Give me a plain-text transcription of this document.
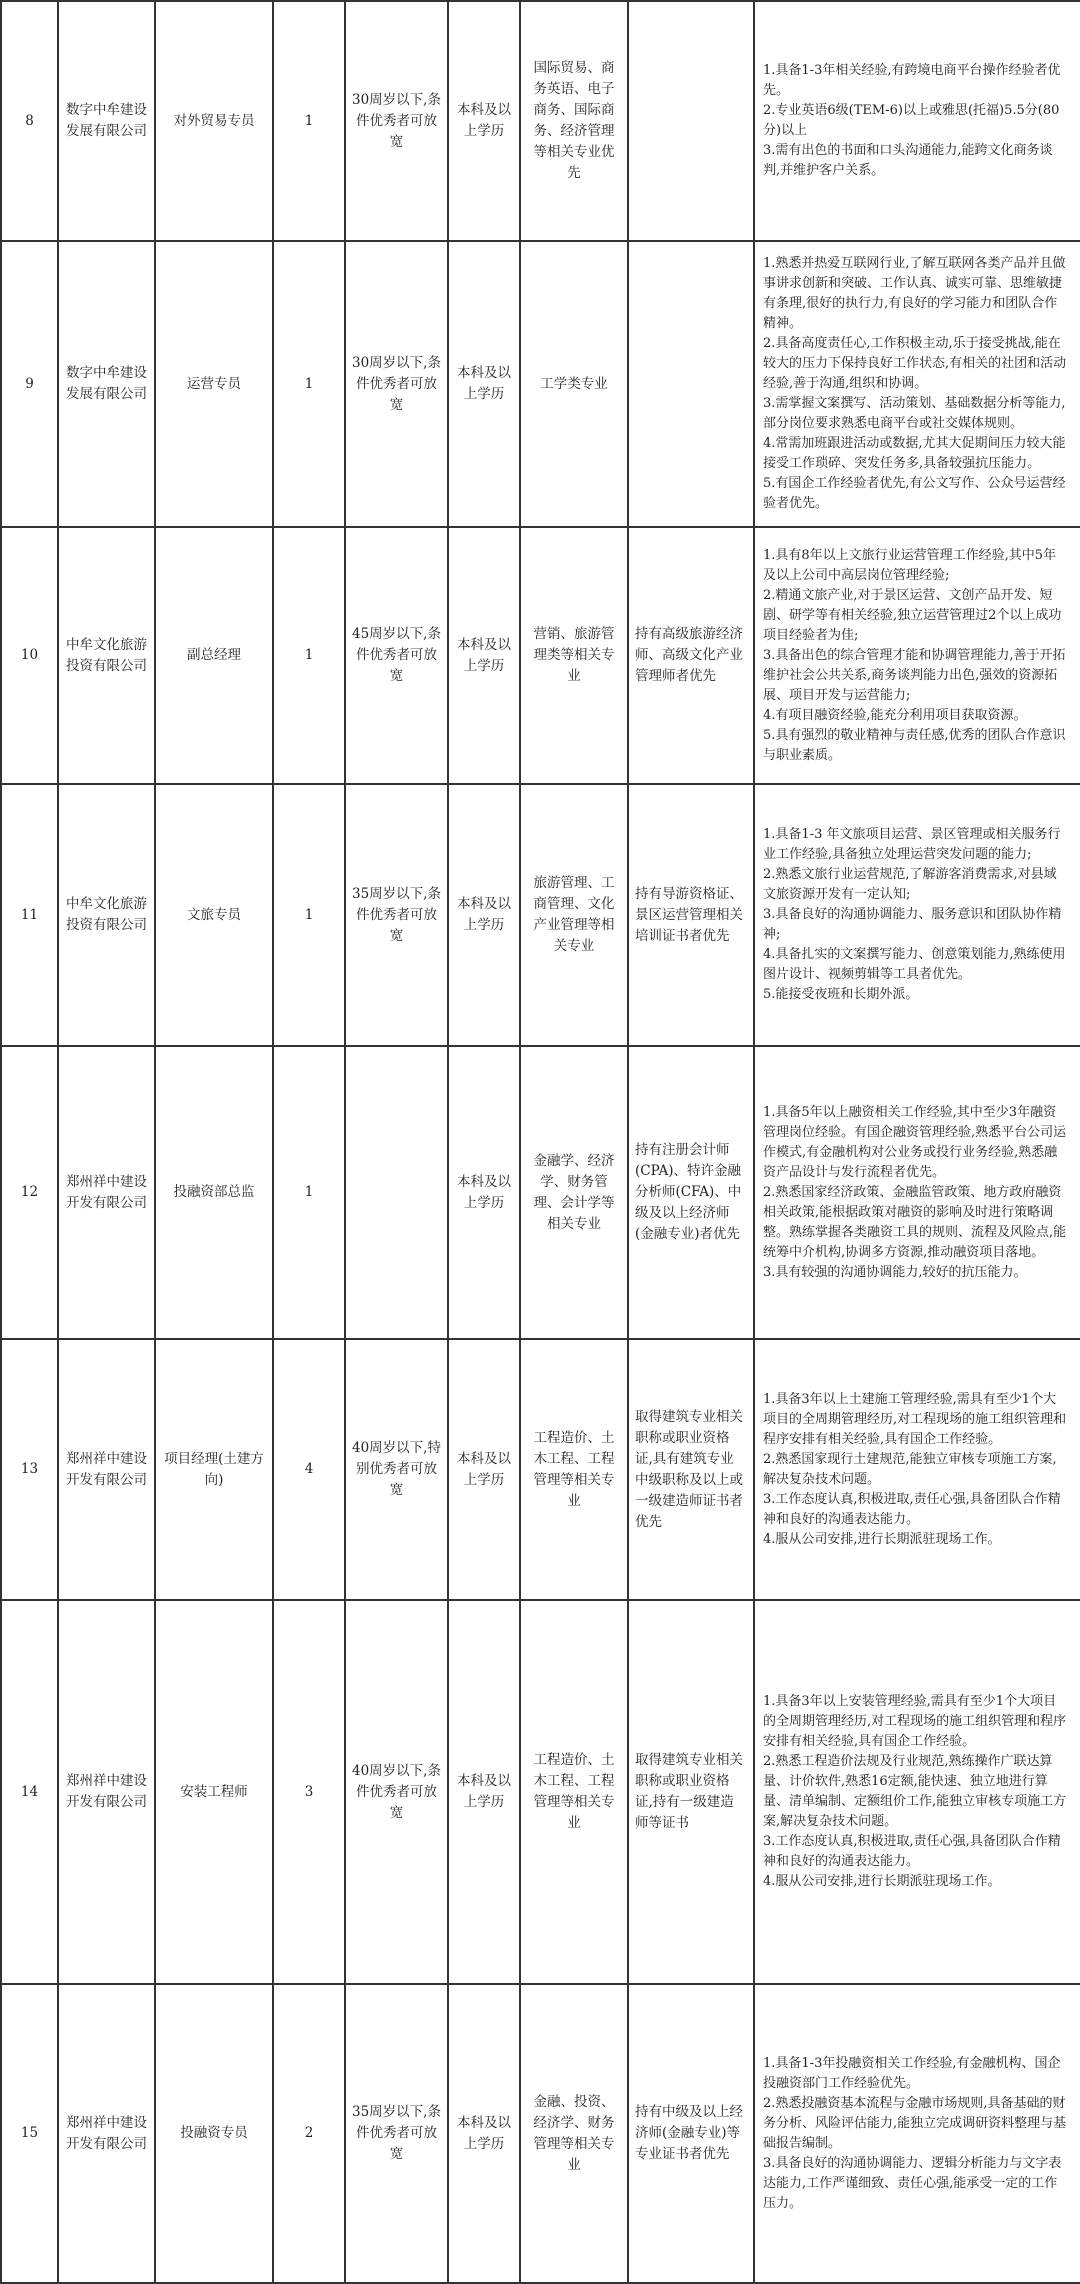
8	数字中牟建设发展有限公司	对外贸易专员	1	30周岁以下,条件优秀者可放宽	本科及以上学历	国际贸易、商务英语、电子商务、国际商务、经济管理等相关专业优先		1.具备1-3年相关经验,有跨境电商平台操作经验者优先。
2.专业英语6级(TEM-6)以上或雅思(托福)5.5分(80分)以上
3.需有出色的书面和口头沟通能力,能跨文化商务谈判,并维护客户关系。
9	数字中牟建设发展有限公司	运营专员	1	30周岁以下,条件优秀者可放宽	本科及以上学历	工学类专业		1.熟悉并热爱互联网行业,了解互联网各类产品并且做事讲求创新和突破、工作认真、诚实可靠、思维敏捷有条理,很好的执行力,有良好的学习能力和团队合作精神。
2.具备高度责任心,工作积极主动,乐于接受挑战,能在较大的压力下保持良好工作状态,有相关的社团和活动经验,善于沟通,组织和协调。
3.需掌握文案撰写、活动策划、基础数据分析等能力,部分岗位要求熟悉电商平台或社交媒体规则。
4.常需加班跟进活动或数据,尤其大促期间压力较大能接受工作琐碎、突发任务多,具备较强抗压能力。
5.有国企工作经验者优先,有公文写作、公众号运营经验者优先。
10	中牟文化旅游投资有限公司	副总经理	1	45周岁以下,条件优秀者可放宽	本科及以上学历	营销、旅游管理类等相关专业	持有高级旅游经济师、高级文化产业管理师者优先	1.具有8年以上文旅行业运营管理工作经验,其中5年及以上公司中高层岗位管理经验;
2.精通文旅产业,对于景区运营、文创产品开发、短剧、研学等有相关经验,独立运营管理过2个以上成功项目经验者为佳;
3.具备出色的综合管理才能和协调管理能力,善于开拓维护社会公共关系,商务谈判能力出色,强效的资源拓展、项目开发与运营能力;
4.有项目融资经验,能充分利用项目获取资源。
5.具有强烈的敬业精神与责任感,优秀的团队合作意识与职业素质。
11	中牟文化旅游投资有限公司	文旅专员	1	35周岁以下,条件优秀者可放宽	本科及以上学历	旅游管理、工商管理、文化产业管理等相关专业	持有导游资格证、景区运营管理相关培训证书者优先	1.具备1-3 年文旅项目运营、景区管理或相关服务行业工作经验,具备独立处理运营突发问题的能力;
2.熟悉文旅行业运营规范,了解游客消费需求,对县域文旅资源开发有一定认知;
3.具备良好的沟通协调能力、服务意识和团队协作精神;
4.具备扎实的文案撰写能力、创意策划能力,熟练使用图片设计、视频剪辑等工具者优先。
5.能接受夜班和长期外派。
12	郑州祥中建设开发有限公司	投融资部总监	1		本科及以上学历	金融学、经济学、财务管理、会计学等相关专业	持有注册会计师(CPA)、特许金融分析师(CFA)、中级及以上经济师(金融专业)者优先	1.具备5年以上融资相关工作经验,其中至少3年融资管理岗位经验。有国企融资管理经验,熟悉平台公司运作模式,有金融机构对公业务或投行业务经验,熟悉融资产品设计与发行流程者优先。
2.熟悉国家经济政策、金融监管政策、地方政府融资相关政策,能根据政策对融资的影响及时进行策略调整。熟练掌握各类融资工具的规则、流程及风险点,能统筹中介机构,协调多方资源,推动融资项目落地。
3.具有较强的沟通协调能力,较好的抗压能力。
13	郑州祥中建设开发有限公司	项目经理(土建方向)	4	40周岁以下,特别优秀者可放宽	本科及以上学历	工程造价、土木工程、工程管理等相关专业	取得建筑专业相关职称或职业资格证,具有建筑专业中级职称及以上或一级建造师证书者优先	1.具备3年以上土建施工管理经验,需具有至少1个大项目的全周期管理经历,对工程现场的施工组织管理和程序安排有相关经验,具有国企工作经验。
2.熟悉国家现行土建规范,能独立审核专项施工方案,解决复杂技术问题。
3.工作态度认真,积极进取,责任心强,具备团队合作精神和良好的沟通表达能力。
4.服从公司安排,进行长期派驻现场工作。
14	郑州祥中建设开发有限公司	安装工程师	3	40周岁以下,条件优秀者可放宽	本科及以上学历	工程造价、土木工程、工程管理等相关专业	取得建筑专业相关职称或职业资格证,持有一级建造师等证书	1.具备3年以上安装管理经验,需具有至少1个大项目的全周期管理经历,对工程现场的施工组织管理和程序安排有相关经验,具有国企工作经验。
2.熟悉工程造价法规及行业规范,熟练操作广联达算量、计价软件,熟悉16定额,能快速、独立地进行算量、清单编制、定额组价工作,能独立审核专项施工方案,解决复杂技术问题。
3.工作态度认真,积极进取,责任心强,具备团队合作精神和良好的沟通表达能力。
4.服从公司安排,进行长期派驻现场工作。
15	郑州祥中建设开发有限公司	投融资专员	2	35周岁以下,条件优秀者可放宽	本科及以上学历	金融、投资、经济学、财务管理等相关专业	持有中级及以上经济师(金融专业)等专业证书者优先	1.具备1-3年投融资相关工作经验,有金融机构、国企投融资部门工作经验优先。
2.熟悉投融资基本流程与金融市场规则,具备基础的财务分析、风险评估能力,能独立完成调研资料整理与基础报告编制。
3.具备良好的沟通协调能力、逻辑分析能力与文字表达能力,工作严谨细致、责任心强,能承受一定的工作压力。
